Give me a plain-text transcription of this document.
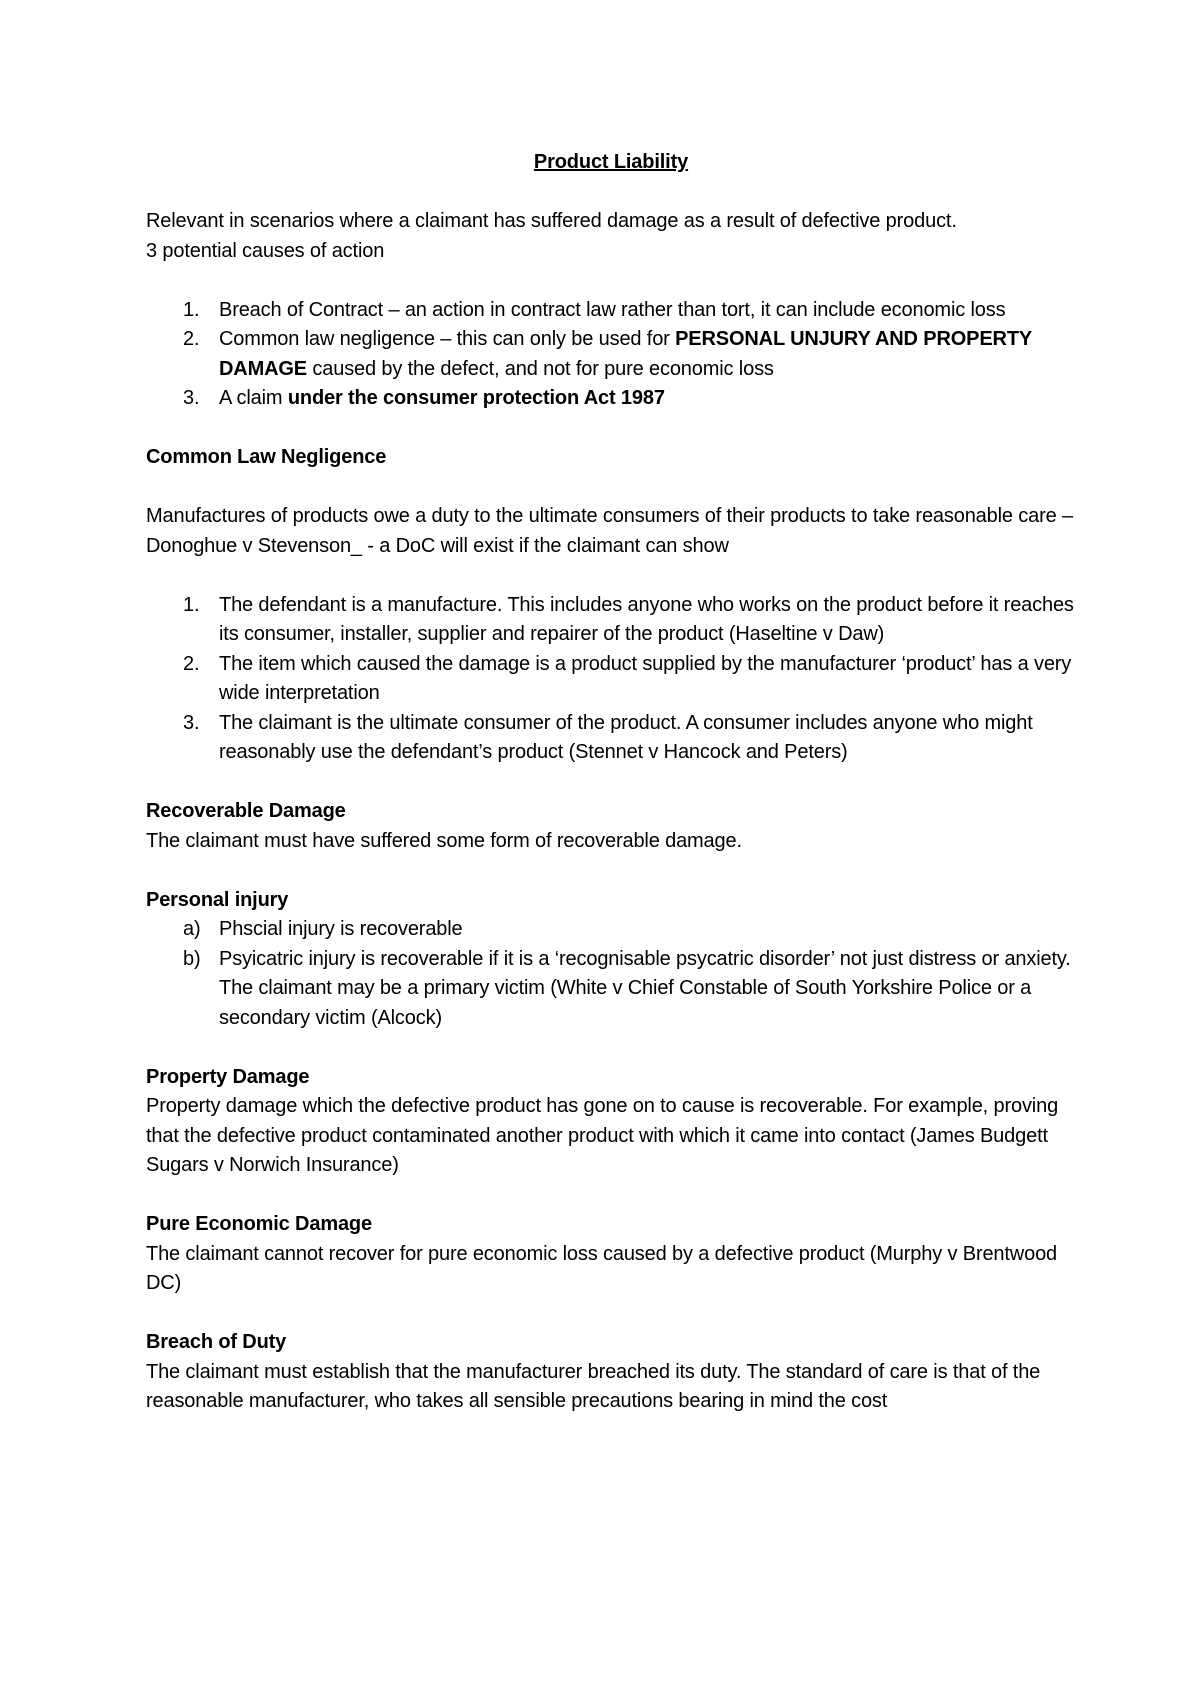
Product Liability

Relevant in scenarios where a claimant has suffered damage as a result of defective product.

3 potential causes of action

1. Breach of Contract – an action in contract law rather than tort, it can include economic loss
2. Common law negligence – this can only be used for PERSONAL UNJURY AND PROPERTY DAMAGE caused by the defect, and not for pure economic loss
3. A claim under the consumer protection Act 1987

Common Law Negligence

Manufactures of products owe a duty to the ultimate consumers of their products to take reasonable care – Donoghue v Stevenson_ - a DoC will exist if the claimant can show

1. The defendant is a manufacture. This includes anyone who works on the product before it reaches its consumer, installer, supplier and repairer of the product (Haseltine v Daw)
2. The item which caused the damage is a product supplied by the manufacturer ‘product’ has a very wide interpretation
3. The claimant is the ultimate consumer of the product. A consumer includes anyone who might reasonably use the defendant’s product (Stennet v Hancock and Peters)

Recoverable Damage

The claimant must have suffered some form of recoverable damage.

Personal injury

a) Phscial injury is recoverable
b) Psyicatric injury is recoverable if it is a ‘recognisable psycatric disorder’ not just distress or anxiety. The claimant may be a primary victim (White v Chief Constable of South Yorkshire Police or a secondary victim (Alcock)

Property Damage

Property damage which the defective product has gone on to cause is recoverable. For example, proving that the defective product contaminated another product with which it came into contact (James Budgett Sugars v Norwich Insurance)

Pure Economic Damage

The claimant cannot recover for pure economic loss caused by a defective product (Murphy v Brentwood DC)

Breach of Duty

The claimant must establish that the manufacturer breached its duty. The standard of care is that of the reasonable manufacturer, who takes all sensible precautions bearing in mind the cost
